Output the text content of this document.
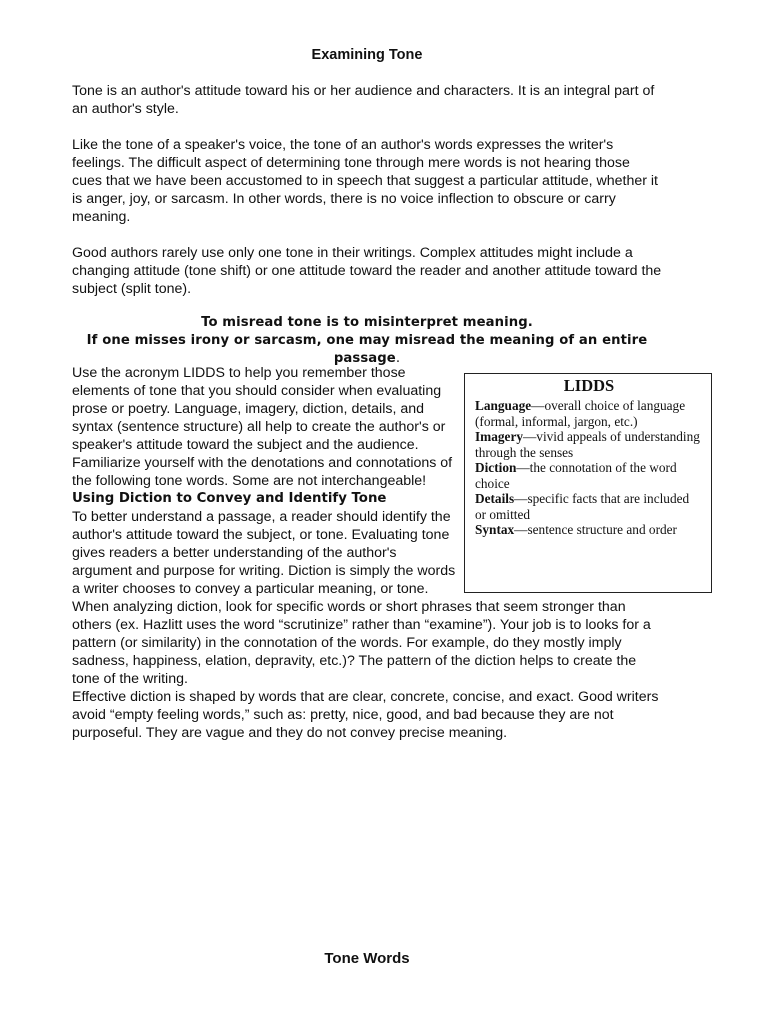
Examining Tone

Tone is an author's attitude toward his or her audience and characters. It is an integral part of an author's style.

Like the tone of a speaker's voice, the tone of an author's words expresses the writer's feelings. The difficult aspect of determining tone through mere words is not hearing those cues that we have been accustomed to in speech that suggest a particular attitude, whether it is anger, joy, or sarcasm. In other words, there is no voice inflection to obscure or carry meaning.

Good authors rarely use only one tone in their writings. Complex attitudes might include a changing attitude (tone shift) or one attitude toward the reader and another attitude toward the subject (split tone).

To misread tone is to misinterpret meaning.
If one misses irony or sarcasm, one may misread the meaning of an entire passage.
LIDDS

Language—overall choice of language (formal, informal, jargon, etc.)

Imagery—vivid appeals of understanding through the senses

Diction—the connotation of the word choice

Details—specific facts that are included or omitted

Syntax—sentence structure and order

Use the acronym LIDDS to help you remember those elements of tone that you should consider when evaluating prose or poetry. Language, imagery, diction, details, and syntax (sentence structure) all help to create the author's or speaker's attitude toward the subject and the audience.

Familiarize yourself with the denotations and connotations of the following tone words. Some are not interchangeable!

Using Diction to Convey and Identify Tone

To better understand a passage, a reader should identify the author's attitude toward the subject, or tone. Evaluating tone gives readers a better understanding of the author's argument and purpose for writing. Diction is simply the words a writer chooses to convey a particular meaning, or tone.

When analyzing diction, look for specific words or short phrases that seem stronger than others (ex. Hazlitt uses the word “scrutinize” rather than “examine”). Your job is to looks for a pattern (or similarity) in the connotation of the words. For example, do they mostly imply sadness, happiness, elation, depravity, etc.)? The pattern of the diction helps to create the tone of the writing.

Effective diction is shaped by words that are clear, concrete, concise, and exact. Good writers avoid “empty feeling words,” such as: pretty, nice, good, and bad because they are not purposeful. They are vague and they do not convey precise meaning.

Tone Words
